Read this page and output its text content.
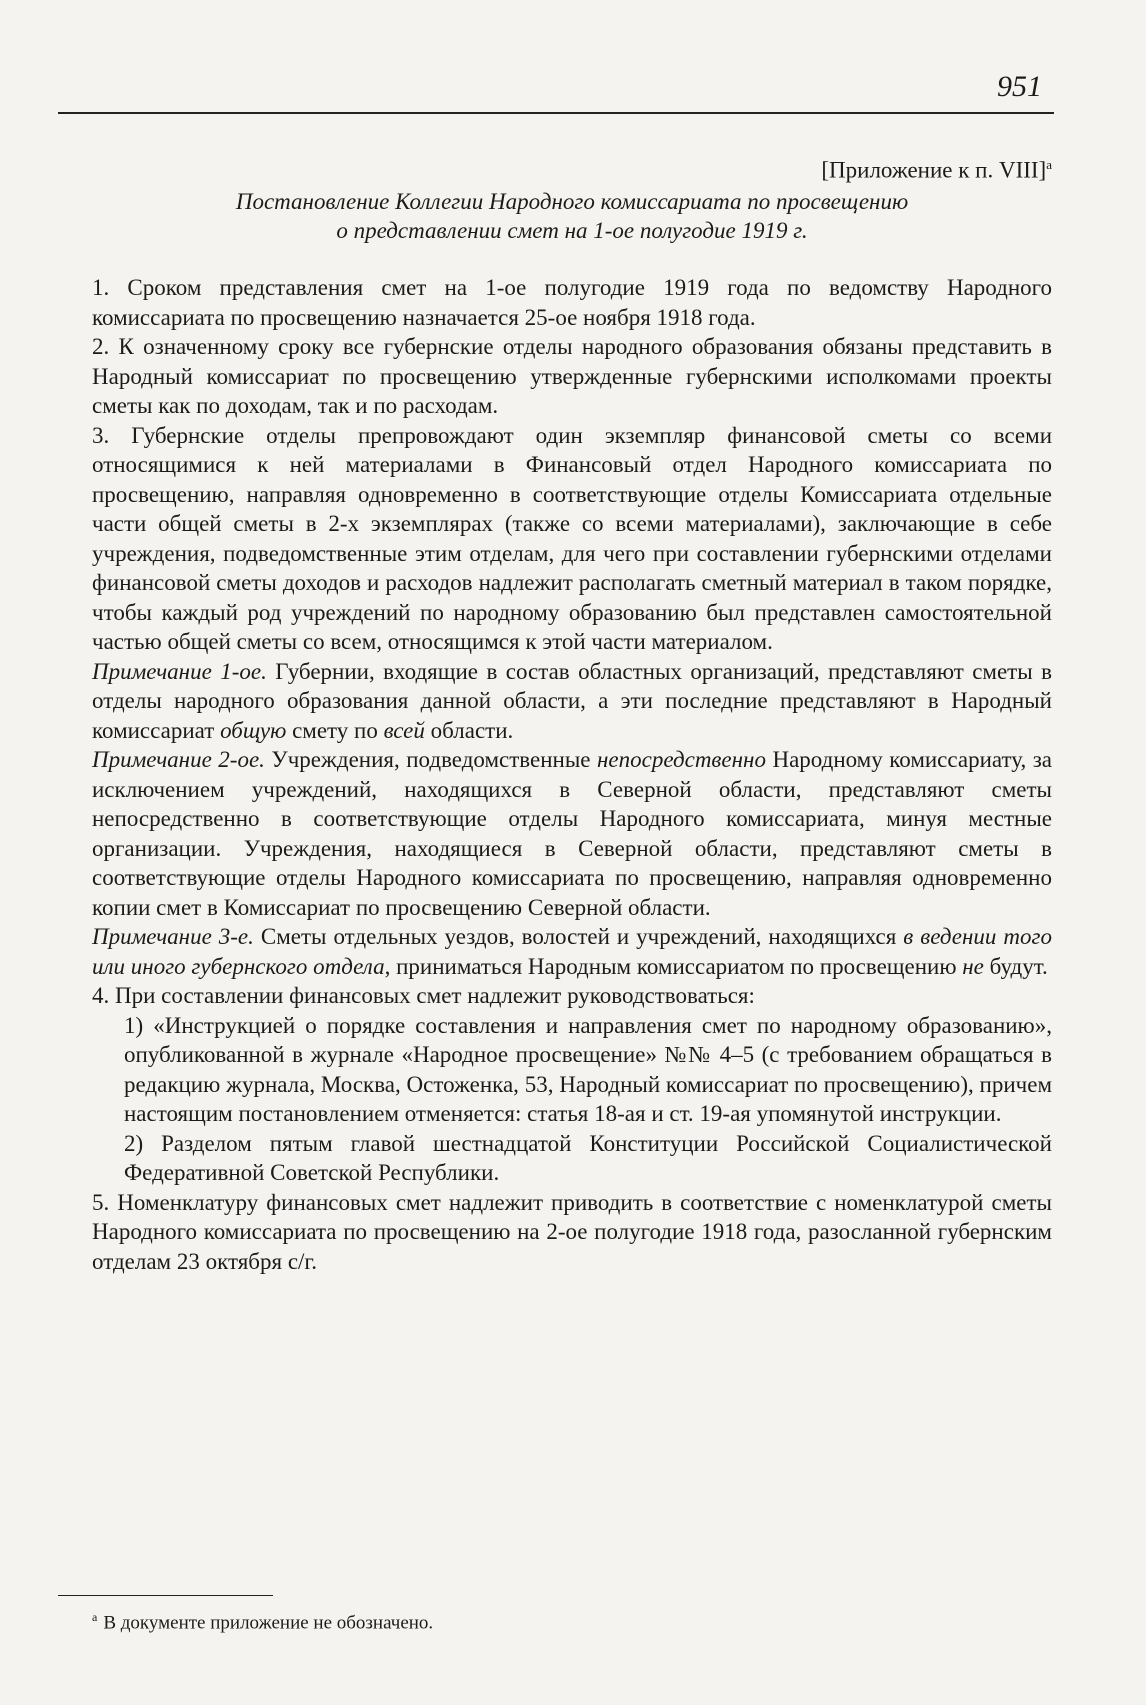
951
[Приложение к п. VIII]$^а$
Постановление Коллегии Народного комиссариата по просвещению
о представлении смет на 1-ое полугодие 1919 г.

1. Сроком представления смет на 1-ое полугодие 1919 года по ведомству Народного комиссариата по просвещению назначается 25-ое ноября 1918 года.

2. К означенному сроку все губернские отделы народного образования обязаны представить в Народный комиссариат по просвещению утвержденные губернскими исполкомами проекты сметы как по доходам, так и по расходам.

3. Губернские отделы препровождают один экземпляр финансовой сметы со всеми относящимися к ней материалами в Финансовый отдел Народного комиссариата по просвещению, направляя одновременно в соответствующие отделы Комиссариата отдельные части общей сметы в 2-х экземплярах (также со всеми материалами), заключающие в себе учреждения, подведомственные этим отделам, для чего при составлении губернскими отделами финансовой сметы доходов и расходов надлежит располагать сметный материал в таком порядке, чтобы каждый род учреждений по народному образованию был представлен самостоятельной частью общей сметы со всем, относящимся к этой части материалом.

Примечание 1-ое. Губернии, входящие в состав областных организаций, представляют сметы в отделы народного образования данной области, а эти последние представляют в Народный комиссариат общую смету по всей области.

Примечание 2-ое. Учреждения, подведомственные непосредственно Народному комиссариату, за исключением учреждений, находящихся в Северной области, представляют сметы непосредственно в соответствующие отделы Народного комиссариата, минуя местные организации. Учреждения, находящиеся в Северной области, представляют сметы в соответствующие отделы Народного комиссариата по просвещению, направляя одновременно копии смет в Комиссариат по просвещению Северной области.

Примечание 3-е. Сметы отдельных уездов, волостей и учреждений, находящихся в ведении того или иного губернского отдела, приниматься Народным комиссариатом по просвещению не будут.

4. При составлении финансовых смет надлежит руководствоваться:

1) «Инструкцией о порядке составления и направления смет по народному образованию», опубликованной в журнале «Народное просвещение» №№ 4–5 (с требованием обращаться в редакцию журнала, Москва, Остоженка, 53, Народный комиссариат по просвещению), причем настоящим постановлением отменяется: статья 18-ая и ст. 19-ая упомянутой инструкции.

2) Разделом пятым главой шестнадцатой Конституции Российской Социалистической Федеративной Советской Республики.

5. Номенклатуру финансовых смет надлежит приводить в соответствие с номенклатурой сметы Народного комиссариата по просвещению на 2-ое полугодие 1918 года, разосланной губернским отделам 23 октября с/г.

$^а$ В документе приложение не обозначено.
